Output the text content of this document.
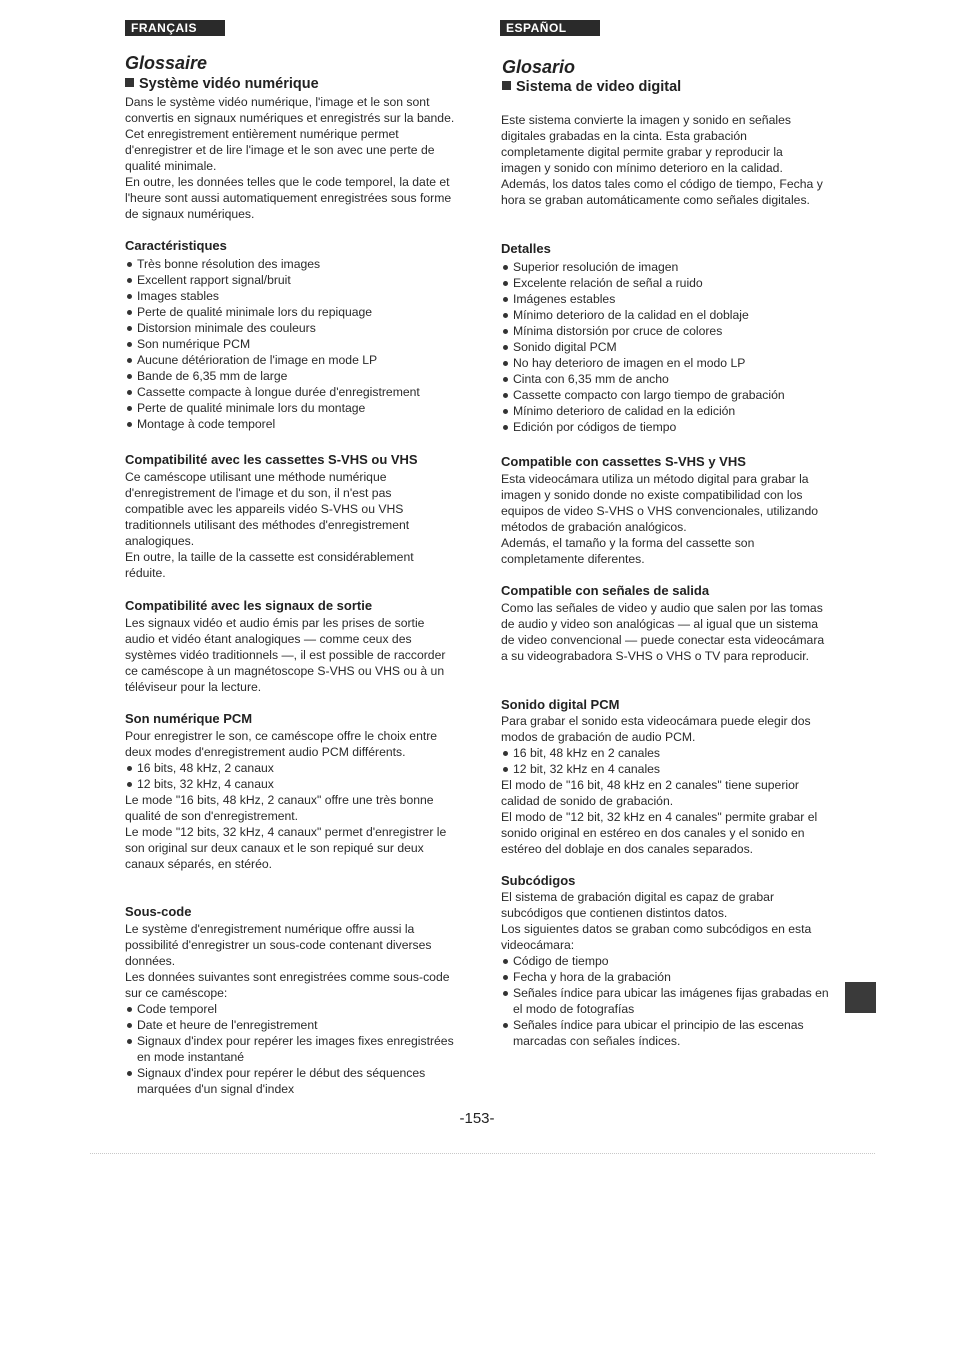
FRANÇAIS
Glossaire
Système vidéo numérique

Dans le système vidéo numérique, l'image et le son sont convertis en signaux numériques et enregistrés sur la bande. Cet enregistrement entièrement numérique permet d'enregistrer et de lire l'image et le son avec une perte de qualité minimale.

En outre, les données telles que le code temporel, la date et l'heure sont aussi automatiquement enregistrées sous forme de signaux numériques.

Caractéristiques
Très bonne résolution des images
Excellent rapport signal/bruit
Images stables
Perte de qualité minimale lors du repiquage
Distorsion minimale des couleurs
Son numérique PCM
Aucune détérioration de l'image en mode LP
Bande de 6,35 mm de large
Cassette compacte à longue durée d'enregistrement
Perte de qualité minimale lors du montage
Montage à code temporel
Compatibilité avec les cassettes S-VHS ou VHS

Ce caméscope utilisant une méthode numérique d'enregistrement de l'image et du son, il n'est pas compatible avec les appareils vidéo S-VHS ou VHS traditionnels utilisant des méthodes d'enregistrement analogiques.

En outre, la taille de la cassette est considérablement réduite.

Compatibilité avec les signaux de sortie

Les signaux vidéo et audio émis par les prises de sortie audio et vidéo étant analogiques — comme ceux des systèmes vidéo traditionnels —, il est possible de raccorder ce caméscope à un magnétoscope S-VHS ou VHS ou à un téléviseur pour la lecture.

Son numérique PCM

Pour enregistrer le son, ce caméscope offre le choix entre deux modes d'enregistrement audio PCM différents.

16 bits, 48 kHz, 2 canaux
12 bits, 32 kHz, 4 canaux

Le mode "16 bits, 48 kHz, 2 canaux" offre une très bonne qualité de son d'enregistrement.

Le mode "12 bits, 32 kHz, 4 canaux" permet d'enregistrer le son original sur deux canaux et le son repiqué sur deux canaux séparés, en stéréo.

Sous-code

Le système d'enregistrement numérique offre aussi la possibilité d'enregistrer un sous-code contenant diverses données.

Les données suivantes sont enregistrées comme sous-code sur ce caméscope:

Code temporel
Date et heure de l'enregistrement
Signaux d'index pour repérer les images fixes enregistrées en mode instantané
Signaux d'index pour repérer le début des séquences marquées d'un signal d'index
ESPAÑOL
Glosario
Sistema de video digital

Este sistema convierte la imagen y sonido en señales digitales grabadas en la cinta. Esta grabación completamente digital permite grabar y reproducir la imagen y sonido con mínimo deterioro en la calidad. Además, los datos tales como el código de tiempo, Fecha y hora se graban automáticamente como señales digitales.

Detalles
Superior resolución de imagen
Excelente relación de señal a ruido
Imágenes estables
Mínimo deterioro de la calidad en el doblaje
Mínima distorsión por cruce de colores
Sonido digital PCM
No hay deterioro de imagen en el modo LP
Cinta con 6,35 mm de ancho
Cassette compacto con largo tiempo de grabación
Mínimo deterioro de calidad en la edición
Edición por códigos de tiempo
Compatible con cassettes S-VHS y VHS

Esta videocámara utiliza un método digital para grabar la imagen y sonido donde no existe compatibilidad con los equipos de video S-VHS o VHS convencionales, utilizando métodos de grabación analógicos.

Además, el tamaño y la forma del cassette son completamente diferentes.

Compatible con señales de salida

Como las señales de video y audio que salen por las tomas de audio y video son analógicas — al igual que un sistema de video convencional — puede conectar esta videocámara a su videograbadora S-VHS o VHS o TV para reproducir.

Sonido digital PCM

Para grabar el sonido esta videocámara puede elegir dos modos de grabación de audio PCM.

16 bit, 48 kHz en 2 canales
12 bit, 32 kHz en 4 canales

El modo de "16 bit, 48 kHz en 2 canales" tiene superior calidad de sonido de grabación.

El modo de "12 bit, 32 kHz en 4 canales" permite grabar el sonido original en estéreo en dos canales y el sonido en estéreo del doblaje en dos canales separados.

Subcódigos

El sistema de grabación digital es capaz de grabar subcódigos que contienen distintos datos.

Los siguientes datos se graban como subcódigos en esta videocámara:

Código de tiempo
Fecha y hora de la grabación
Señales índice para ubicar las imágenes fijas grabadas en el modo de fotografías
Señales índice para ubicar el principio de las escenas marcadas con señales índices.
-153-
